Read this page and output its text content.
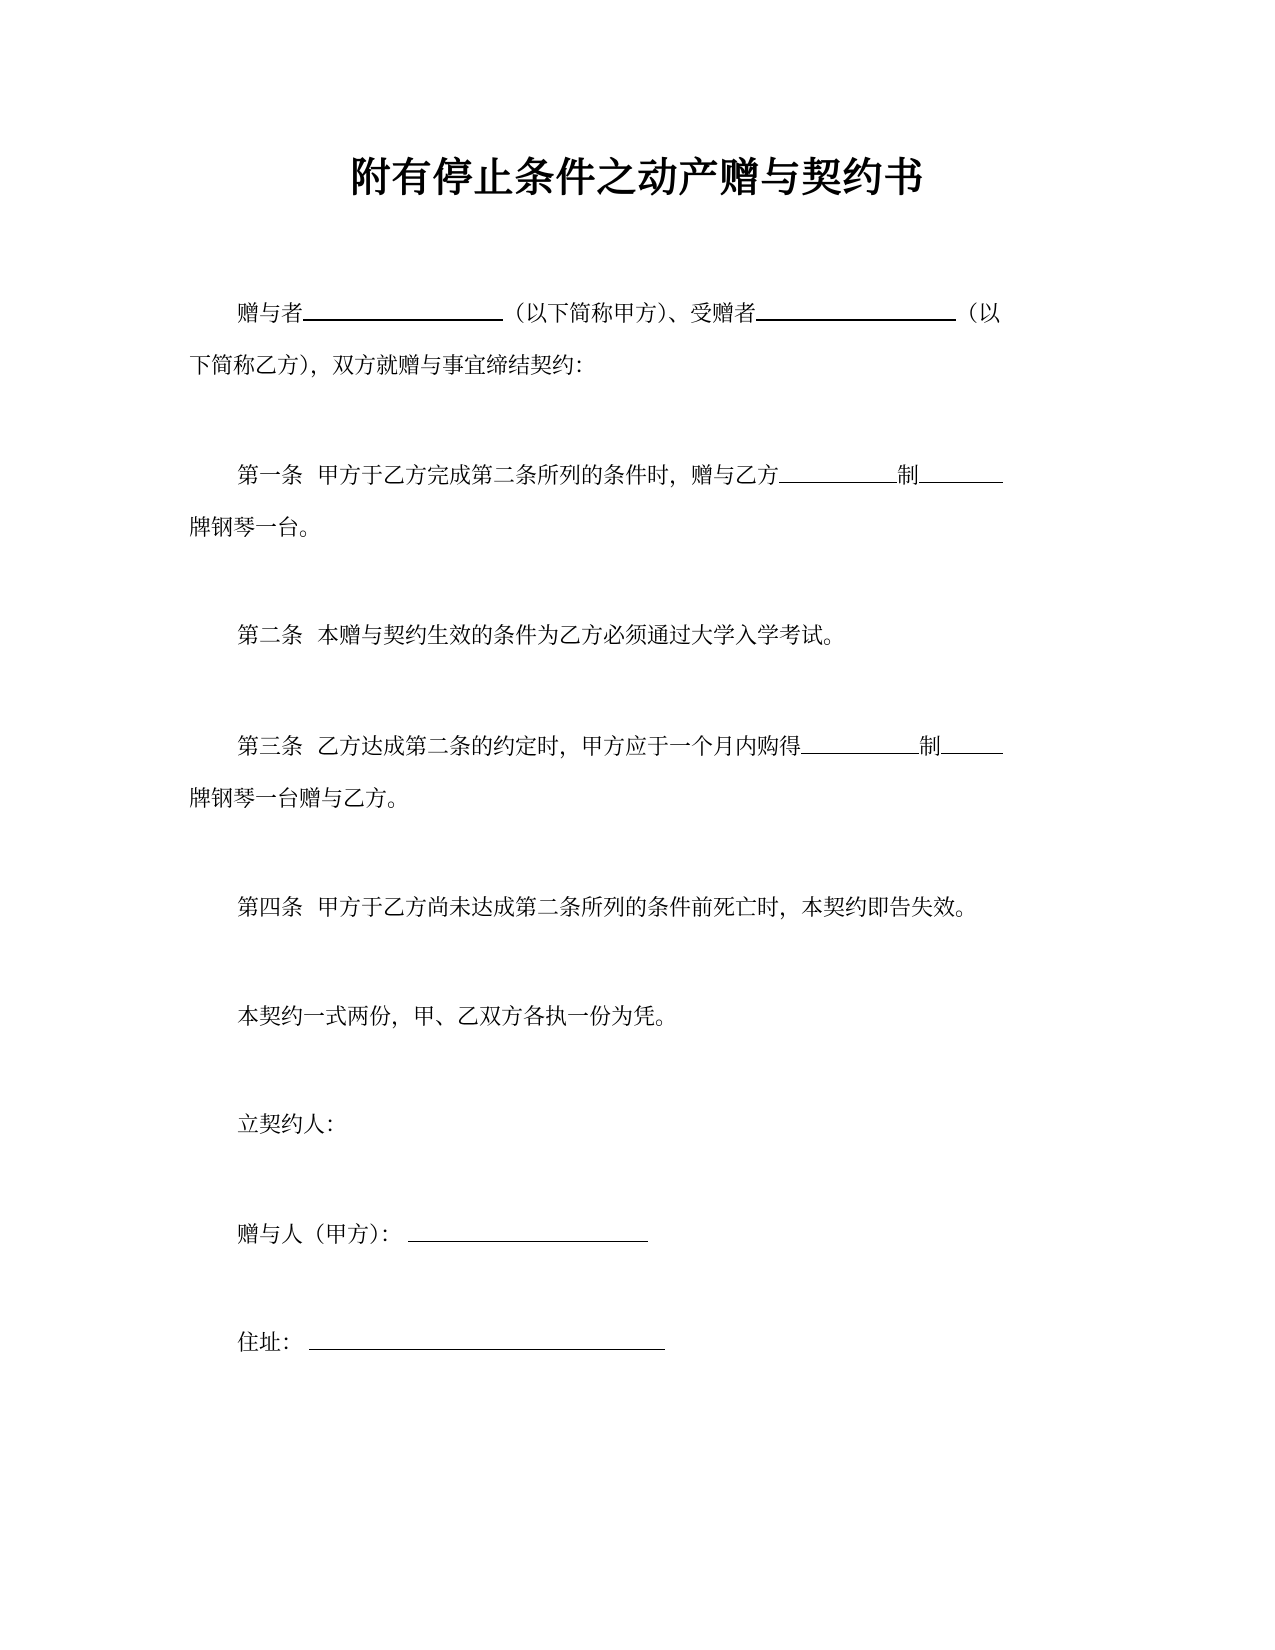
附有停止条件之动产赠与契约书
赠与者	（以下简称甲方）、受赠者	（以
下简称乙方），双方就赠与事宜缔结契约：
第一条 甲方于乙方完成第二条所列的条件时，赠与乙方	制
牌钢琴一台。
第二条 本赠与契约生效的条件为乙方必须通过大学入学考试。
第三条 乙方达成第二条的约定时，甲方应于一个月内购得	制
牌钢琴一台赠与乙方。
第四条 甲方于乙方尚未达成第二条所列的条件前死亡时，本契约即告失效。
本契约一式两份，甲、乙双方各执一份为凭。
立契约人：
赠与人（甲方）：
住址：
